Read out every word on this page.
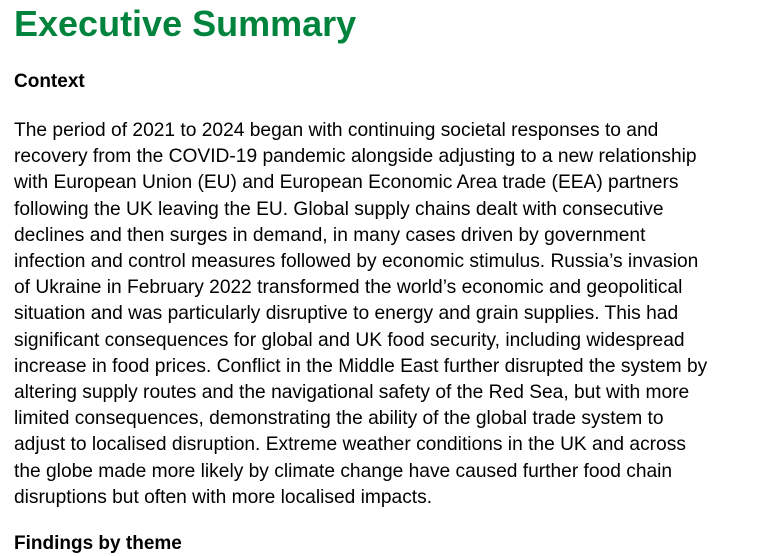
Executive Summary
Context

The period of 2021 to 2024 began with continuing societal responses to and
recovery from the COVID-19 pandemic alongside adjusting to a new relationship
with European Union (EU) and European Economic Area trade (EEA) partners
following the UK leaving the EU. Global supply chains dealt with consecutive
declines and then surges in demand, in many cases driven by government
infection and control measures followed by economic stimulus. Russia’s invasion
of Ukraine in February 2022 transformed the world’s economic and geopolitical
situation and was particularly disruptive to energy and grain supplies. This had
significant consequences for global and UK food security, including widespread
increase in food prices. Conflict in the Middle East further disrupted the system by
altering supply routes and the navigational safety of the Red Sea, but with more
limited consequences, demonstrating the ability of the global trade system to
adjust to localised disruption. Extreme weather conditions in the UK and across
the globe made more likely by climate change have caused further food chain
disruptions but often with more localised impacts.

Findings by theme
